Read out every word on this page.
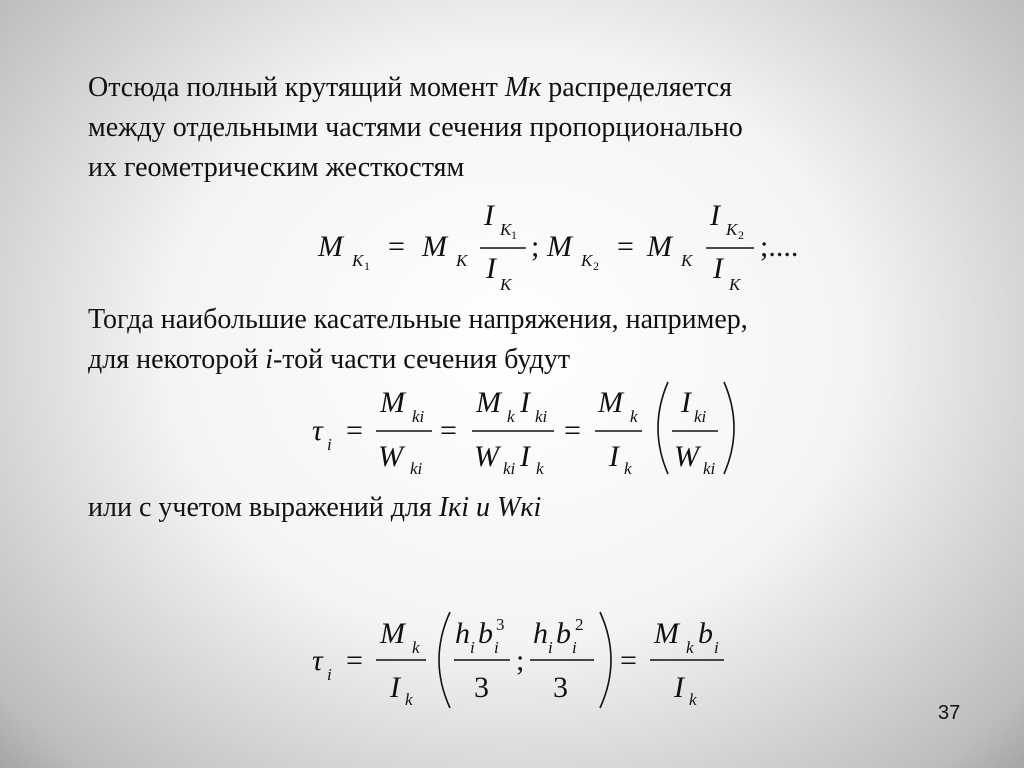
Отсюда полный крутящий момент Мк распределяется
между отдельными частями сечения пропорционально
их геометрическим жесткостям

M K 1
= M K
I K 1
I K
; M K 2
= M K
I K 2
I K
;....

Тогда наибольшие касательные напряжения, например,
для некоторой i-той части сечения будут

τ i =
M ki
W ki
=
M k I ki
W ki I k
=
M k
I k
I ki
W ki

или с учетом выражений для Iкi и Wкi

τ i =
M k
I k
h i b i
3
3
;
h i b i
2
3
=
M k b i
I k
37
